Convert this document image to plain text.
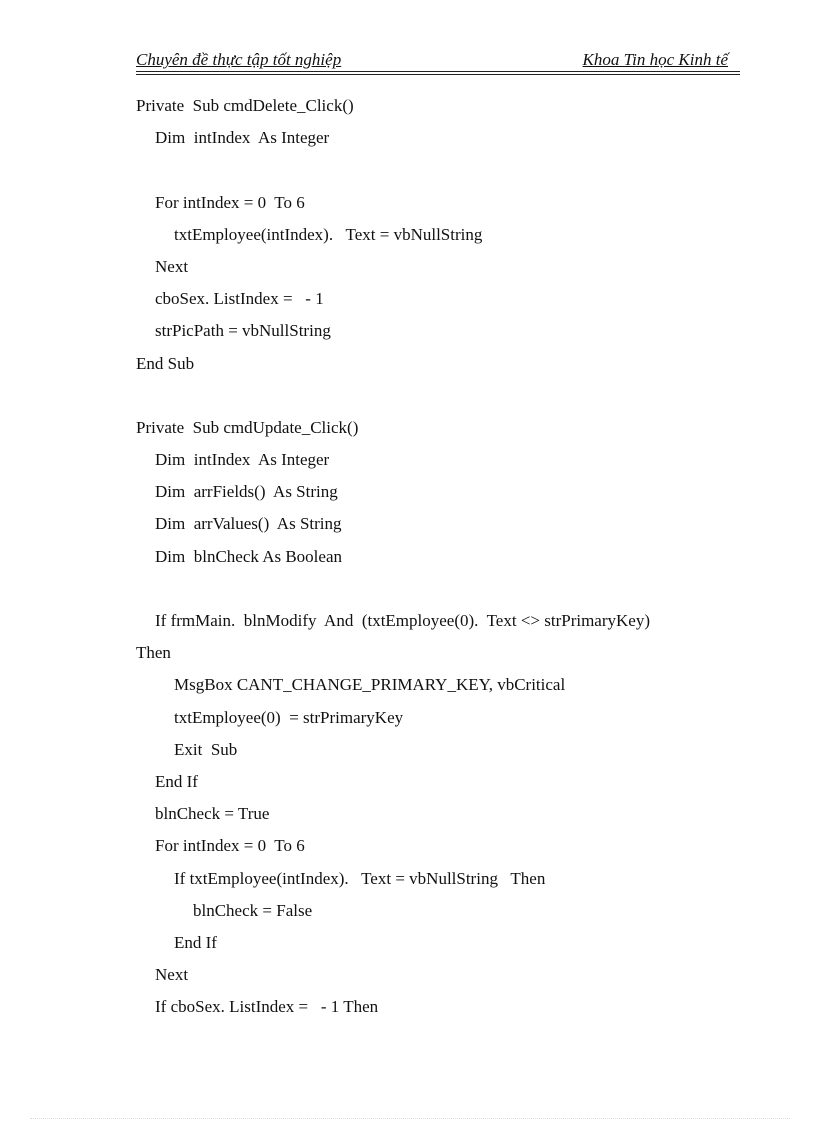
Chuyên đề thực tập tốt nghiệp	Khoa Tin học Kinh tế
Private  Sub cmdDelete_Click()
Dim  intIndex  As Integer
For intIndex = 0  To 6
txtEmployee(intIndex).   Text = vbNullString
Next
cboSex. ListIndex =   - 1
strPicPath = vbNullString
End Sub
Private  Sub cmdUpdate_Click()
Dim  intIndex  As Integer
Dim  arrFields()  As String
Dim  arrValues()  As String
Dim  blnCheck As Boolean
If frmMain.  blnModify  And  (txtEmployee(0).  Text <> strPrimaryKey)
Then
MsgBox CANT_CHANGE_PRIMARY_KEY, vbCritical
txtEmployee(0)  = strPrimaryKey
Exit  Sub
End If
blnCheck = True
For intIndex = 0  To 6
If txtEmployee(intIndex).   Text = vbNullString   Then
blnCheck = False
End If
Next
If cboSex. ListIndex =   - 1 Then
